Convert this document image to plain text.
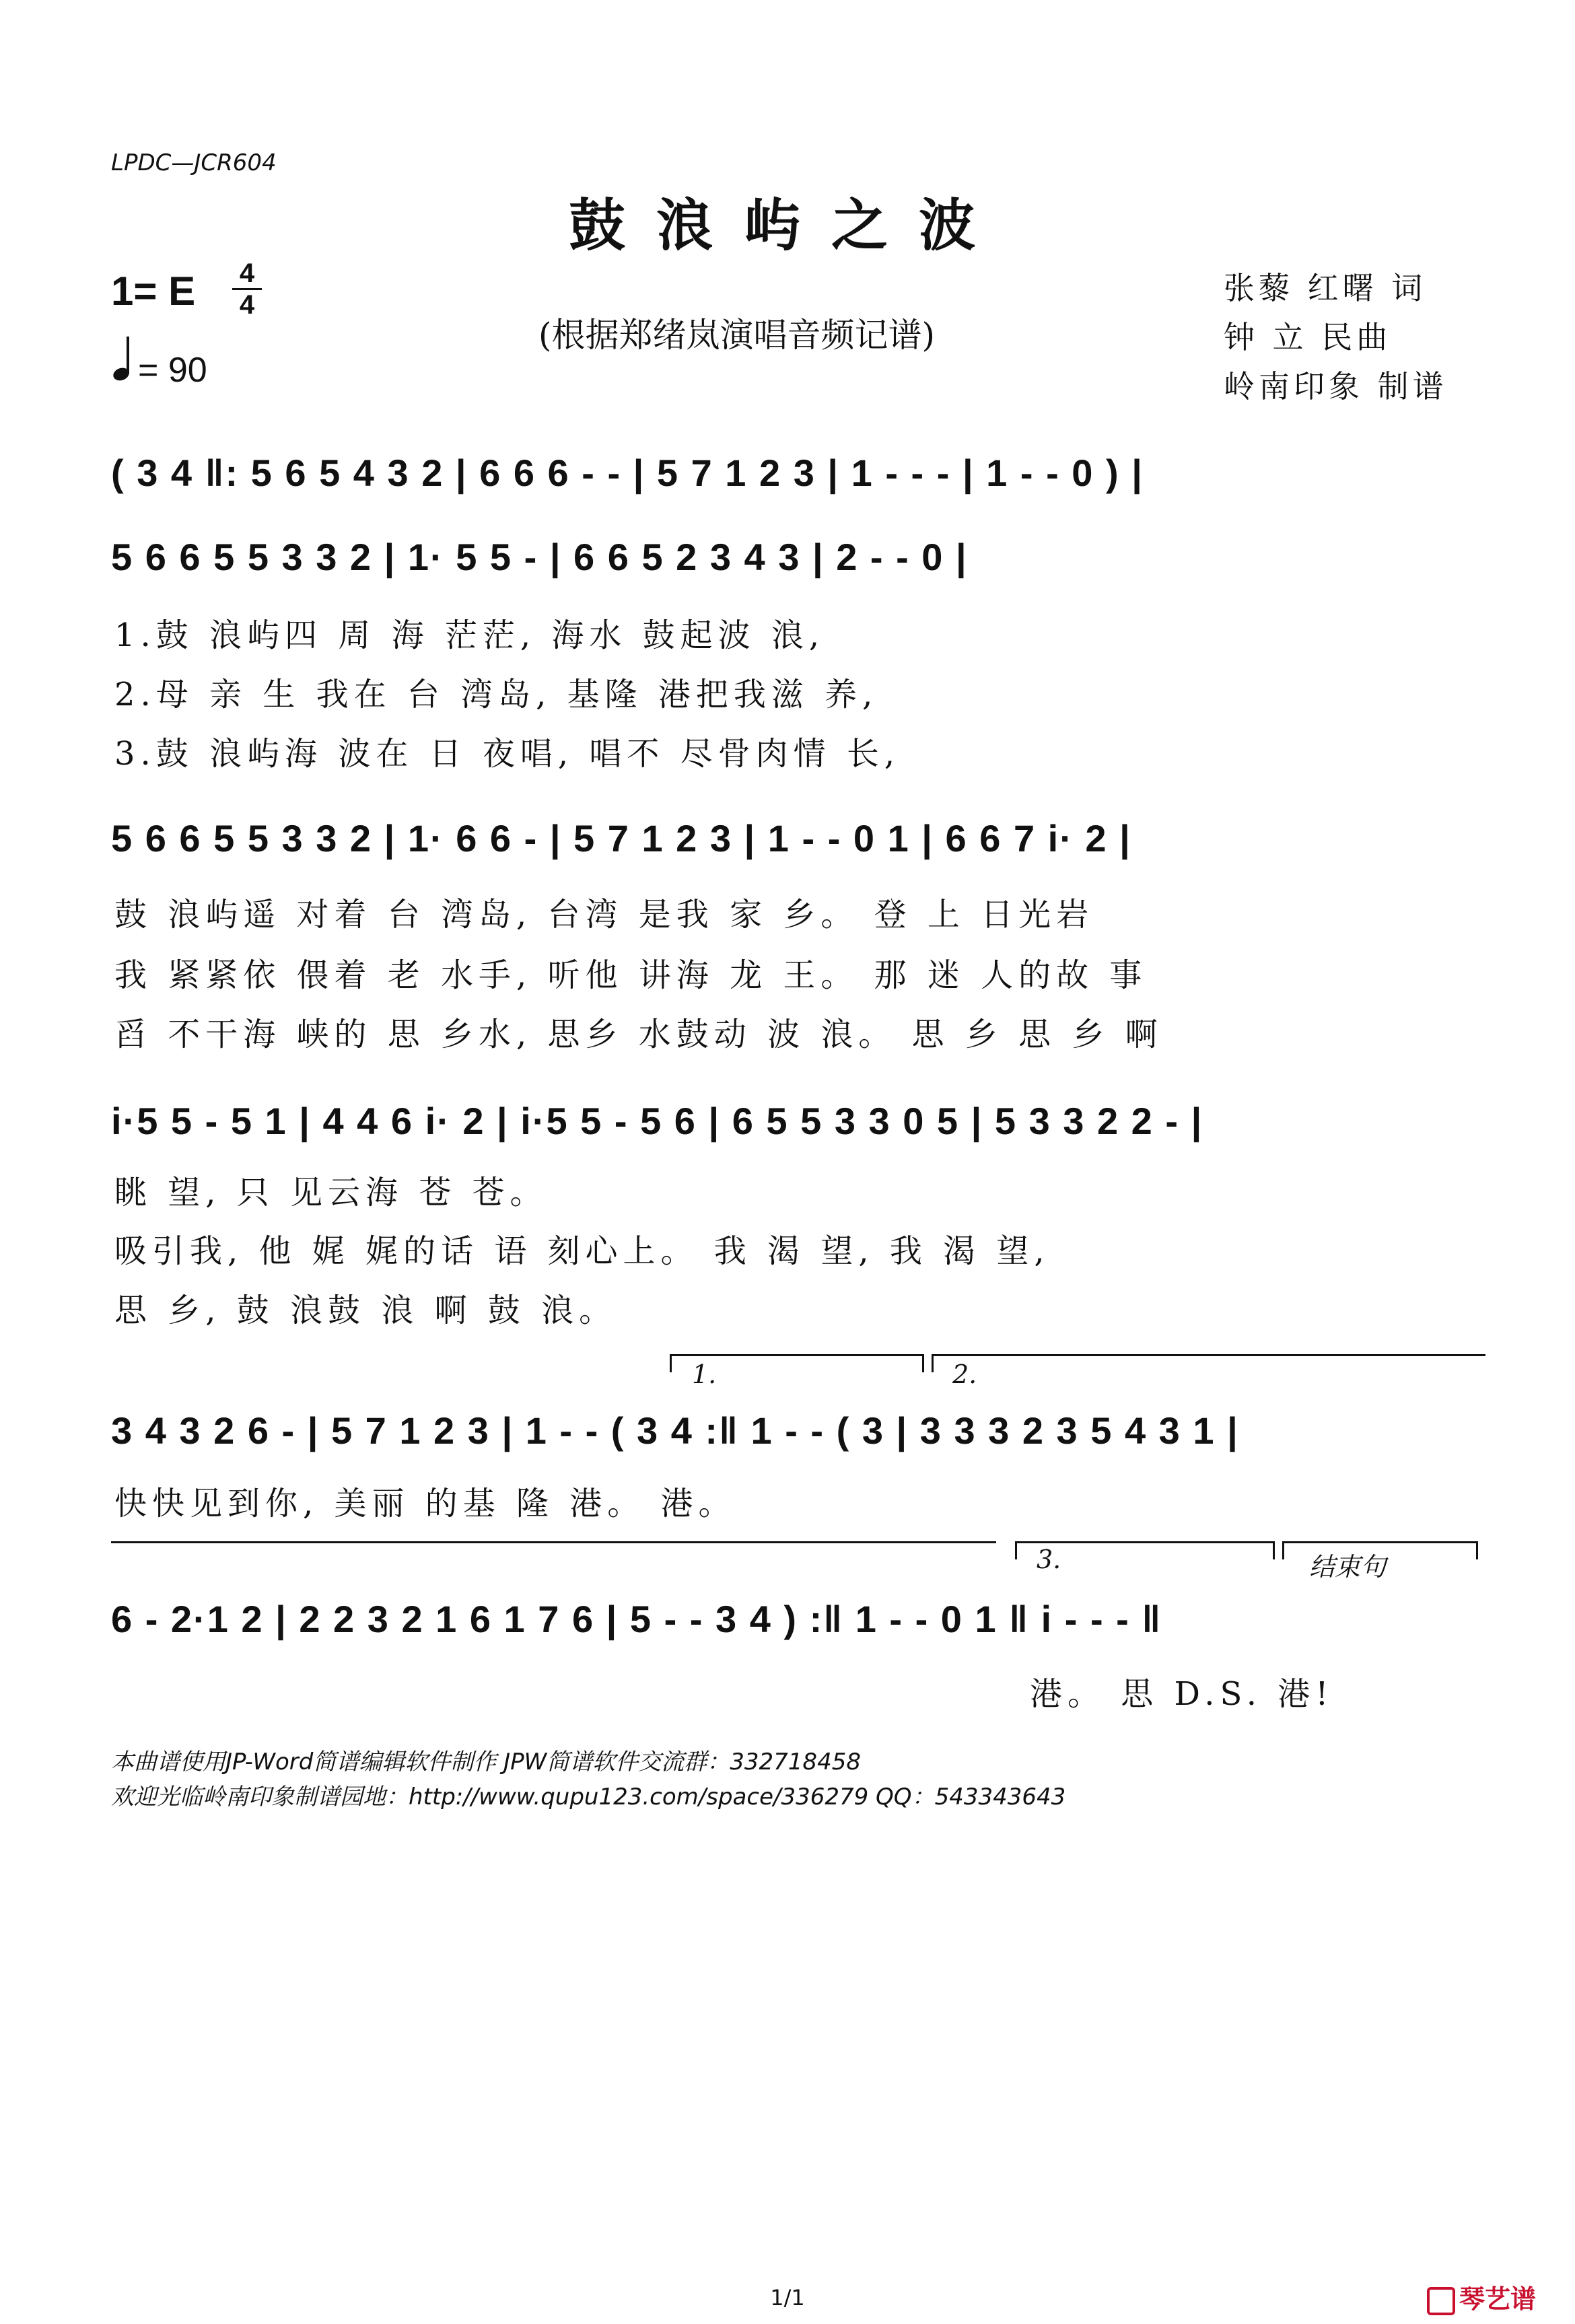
LPDC—JCR604
鼓浪屿之波
1= E 4
4
= 90
(根据郑绪岚演唱音频记谱)
张藜 红曙 词
钟 立 民曲
岭南印象 制谱
( 3 4 ‖: 5 6 5 4 3 2 | 6 6 6 - - | 5 7 1 2 3 | 1 - - - | 1 - - 0 ) |
5 6 6 5 5 3 3 2 | 1· 5 5 - | 6 6 5 2 3 4 3 | 2 - - 0 |
1.鼓 浪屿四 周 海 茫茫, 海水 鼓起波 浪,
2.母 亲 生 我在 台 湾岛, 基隆 港把我滋 养,
3.鼓 浪屿海 波在 日 夜唱, 唱不 尽骨肉情 长,
5 6 6 5 5 3 3 2 | 1· 6 6 - | 5 7 1 2 3 | 1 - - 0 1 | 6 6 7 i· 2 |
鼓 浪屿遥 对着 台 湾岛, 台湾 是我 家 乡。 登 上 日光岩
我 紧紧依 偎着 老 水手, 听他 讲海 龙 王。 那 迷 人的故 事
舀 不干海 峡的 思 乡水, 思乡 水鼓动 波 浪。 思 乡 思 乡 啊
i·5 5 - 5 1 | 4 4 6 i· 2 | i·5 5 - 5 6 | 6 5 5 3 3 0 5 | 5 3 3 2 2 - |
眺 望, 只 见云海 苍 苍。
吸引我, 他 娓 娓的话 语 刻心上。 我 渴 望, 我 渴 望,
思 乡, 鼓 浪鼓 浪 啊 鼓 浪。
1.	2.
3 4 3 2 6 - | 5 7 1 2 3 | 1 - - ( 3 4 :‖ 1 - - ( 3 | 3 3 3 2 3 5 4 3 1 |
快快见到你, 美丽 的基 隆 港。 港。
3.	结束句
6 - 2·1 2 | 2 2 3 2 1 6 1 7 6 | 5 - - 3 4 ) :‖ 1 - - 0 1 ‖ i - - - ‖
港。 思 D.S. 港!
本曲谱使用JP-Word简谱编辑软件制作 JPW简谱软件交流群：332718458
欢迎光临岭南印象制谱园地：http://www.qupu123.com/space/336279 QQ：543343643
1/1	琴艺谱
